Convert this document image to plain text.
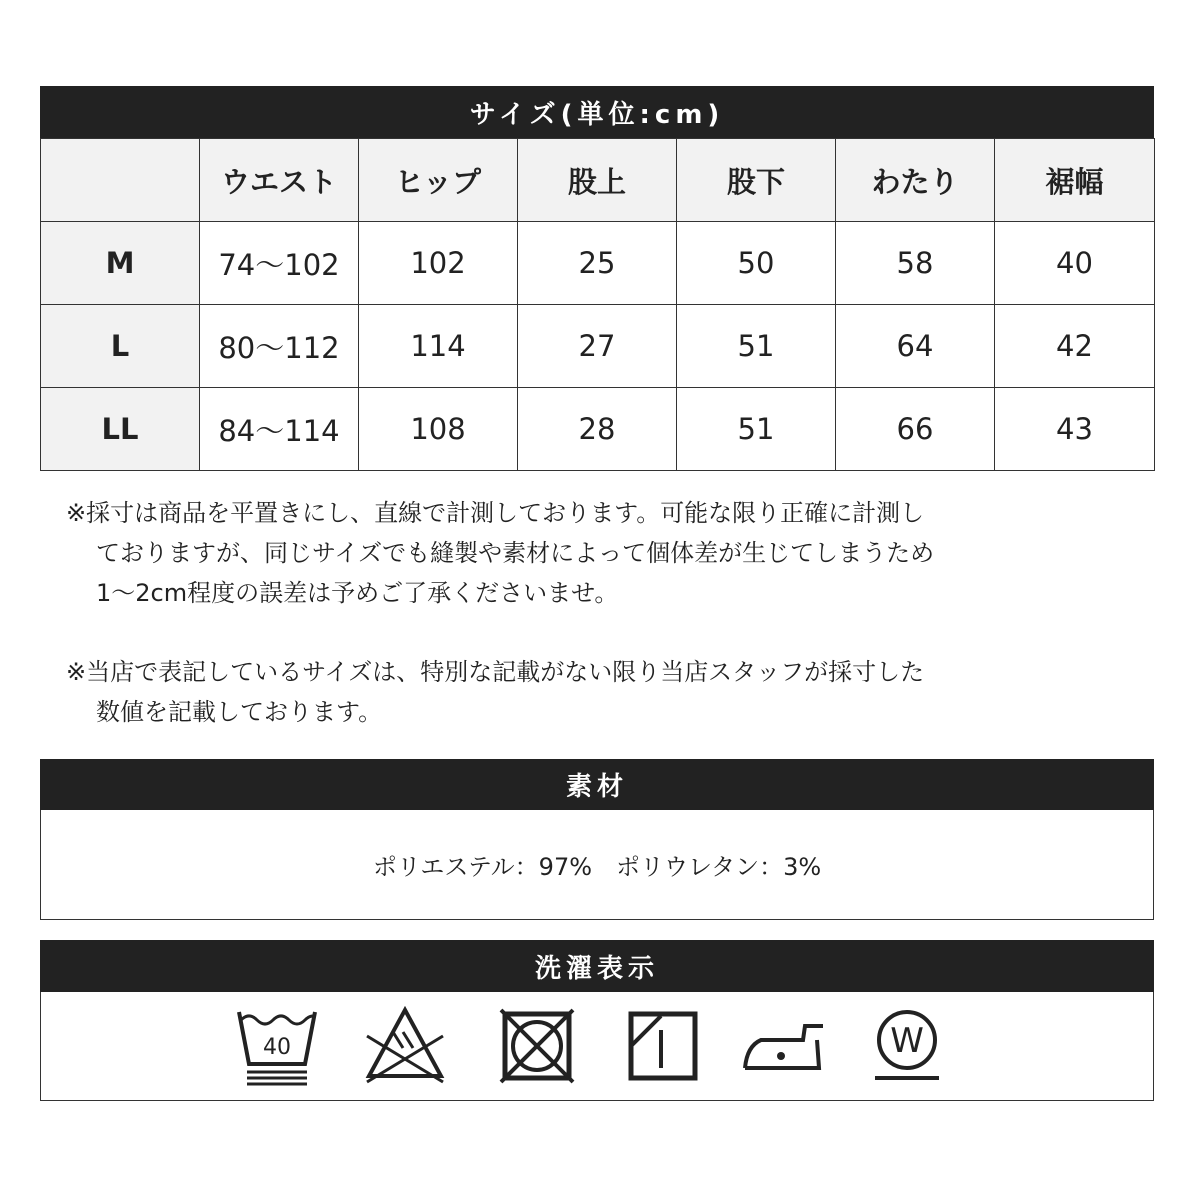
サイズ(単位:cm)
	ウエスト	ヒップ	股上	股下	わたり	裾幅
M	74～102	102	25	50	58	40
L	80～112	114	27	51	64	42
LL	84～114	108	28	51	66	43
※採寸は商品を平置きにし、直線で計測しております。可能な限り正確に計測し
ておりますが、同じサイズでも縫製や素材によって個体差が生じてしまうため
1～2cm程度の誤差は予めご了承くださいませ。
※当店で表記しているサイズは、特別な記載がない限り当店スタッフが採寸した
数値を記載しております。
素材
ポリエステル：97%　ポリウレタン：3%
洗濯表示
40	W
